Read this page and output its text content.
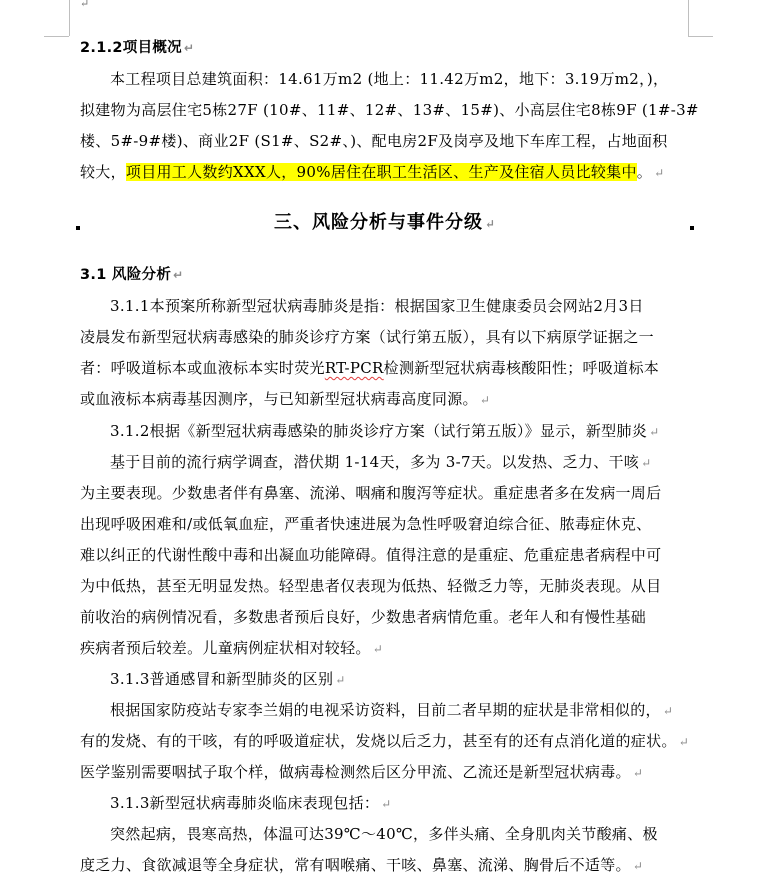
↵
2.1.2项目概况 ↵
本工程项目总建筑面积：14.61万m2 (地上：11.42万m2，地下：3.19万m2，)，
拟建物为高层住宅5栋27F (10#、11#、12#、13#、15#)、小高层住宅8栋9F (1#-3#
楼、5#-9#楼)、商业2F (S1#、S2#、)、配电房2F及岗亭及地下车库工程，占地面积
较大，项目用工人数约XXX人，90%居住在职工生活区、生产及住宿人员比较集中。 ↵
三、风险分析与事件分级 ↵
3.1 风险分析 ↵
3.1.1本预案所称新型冠状病毒肺炎是指：根据国家卫生健康委员会网站2月3日
凌晨发布新型冠状病毒感染的肺炎诊疗方案（试行第五版），具有以下病原学证据之一
者：呼吸道标本或血液标本实时荧光RT-PCR检测新型冠状病毒核酸阳性；呼吸道标本
或血液标本病毒基因测序，与已知新型冠状病毒高度同源。 ↵
3.1.2根据《新型冠状病毒感染的肺炎诊疗方案（试行第五版）》显示，新型肺炎 ↵
基于目前的流行病学调查，潜伏期 1-14天，多为 3-7天。以发热、乏力、干咳 ↵
为主要表现。少数患者伴有鼻塞、流涕、咽痛和腹泻等症状。重症患者多在发病一周后
出现呼吸困难和/或低氧血症，严重者快速进展为急性呼吸窘迫综合征、脓毒症休克、
难以纠正的代谢性酸中毒和出凝血功能障碍。值得注意的是重症、危重症患者病程中可
为中低热，甚至无明显发热。轻型患者仅表现为低热、轻微乏力等，无肺炎表现。从目
前收治的病例情况看，多数患者预后良好，少数患者病情危重。老年人和有慢性基础
疾病者预后较差。儿童病例症状相对较轻。 ↵
3.1.3普通感冒和新型肺炎的区别 ↵
根据国家防疫站专家李兰娟的电视采访资料，目前二者早期的症状是非常相似的， ↵
有的发烧、有的干咳，有的呼吸道症状，发烧以后乏力，甚至有的还有点消化道的症状。 ↵
医学鉴别需要咽拭子取个样，做病毒检测然后区分甲流、乙流还是新型冠状病毒。 ↵
3.1.3新型冠状病毒肺炎临床表现包括： ↵
突然起病，畏寒高热，体温可达39℃～40℃，多伴头痛、全身肌肉关节酸痛、极
度乏力、食欲减退等全身症状，常有咽喉痛、干咳、鼻塞、流涕、胸骨后不适等。 ↵
